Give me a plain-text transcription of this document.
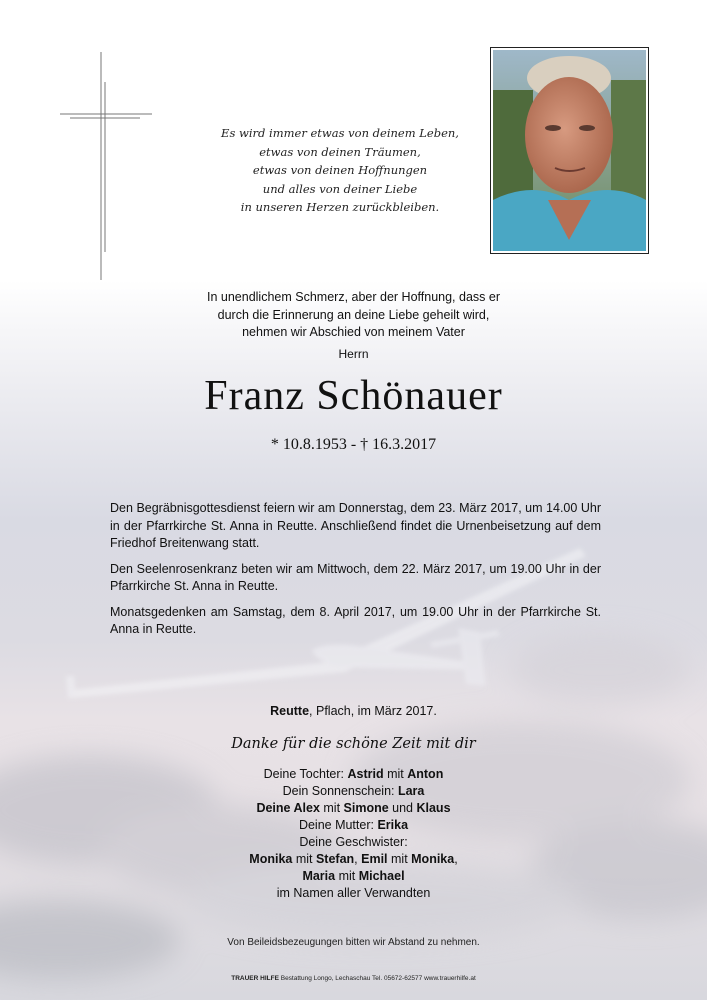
Es wird immer etwas von deinem Leben,
etwas von deinen Träumen,
etwas von deinen Hoffnungen
und alles von deiner Liebe
in unseren Herzen zurückbleiben.
In unendlichem Schmerz, aber der Hoffnung, dass er
durch die Erinnerung an deine Liebe geheilt wird,
nehmen wir Abschied von meinem Vater
Herrn
Franz Schönauer
* 10.8.1953 - † 16.3.2017

Den Begräbnisgottesdienst feiern wir am Donnerstag, dem 23. März 2017, um 14.00 Uhr in der Pfarrkirche St. Anna in Reutte. Anschließend findet die Urnenbeisetzung auf dem Friedhof Breitenwang statt.

Den Seelenrosenkranz beten wir am Mittwoch, dem 22. März 2017, um 19.00 Uhr in der Pfarrkirche St. Anna in Reutte.

Monatsgedenken am Samstag, dem 8. April 2017, um 19.00 Uhr in der Pfarrkirche St. Anna in Reutte.

Reutte, Pflach, im März 2017.
Danke für die schöne Zeit mit dir
Deine Tochter: Astrid mit Anton
Dein Sonnenschein: Lara
Deine Alex mit Simone und Klaus
Deine Mutter: Erika
Deine Geschwister:
Monika mit Stefan, Emil mit Monika,
Maria mit Michael
im Namen aller Verwandten
Von Beileidsbezeugungen bitten wir Abstand zu nehmen.
TRAUER HILFE Bestattung Longo, Lechaschau Tel. 05672-62577 www.trauerhilfe.at
